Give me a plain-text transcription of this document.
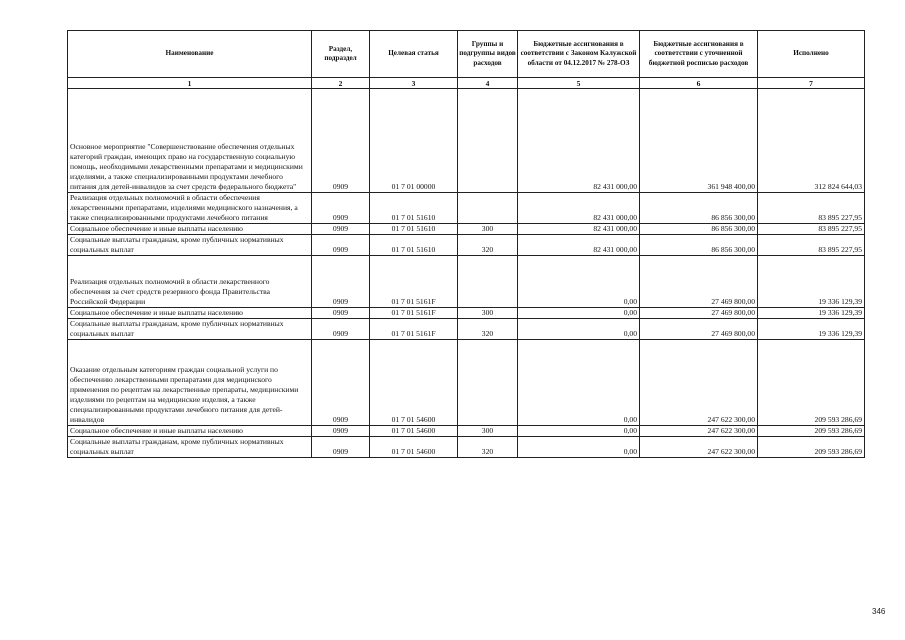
Наименование	Раздел, подраздел	Целевая статья	Группы и подгруппы видов расходов	Бюджетные ассигнования в соответствии с Законом Калужской области от 04.12.2017 № 278-ОЗ	Бюджетные ассигнования в соответствии с уточненной бюджетной росписью расходов	Исполнено
1	2	3	4	5	6	7
Основное мероприятие "Совершенствование обеспечения отдельных категорий граждан, имеющих право на государственную социальную помощь, необходимыми лекарственными препаратами и медицинскими изделиями, а также специализированными продуктами лечебного питания для детей-инвалидов за счет средств федерального бюджета"	0909	01 7 01 00000		82 431 000,00	361 948 400,00	312 824 644,03
Реализация отдельных полномочий в области обеспечения лекарственными препаратами, изделиями медицинского назначения, а также специализированными продуктами лечебного питания	0909	01 7 01 51610		82 431 000,00	86 856 300,00	83 895 227,95
Социальное обеспечение и иные выплаты населению	0909	01 7 01 51610	300	82 431 000,00	86 856 300,00	83 895 227,95
Социальные выплаты гражданам, кроме публичных нормативных социальных выплат	0909	01 7 01 51610	320	82 431 000,00	86 856 300,00	83 895 227,95
Реализация отдельных полномочий в области лекарственного обеспечения за счет средств резервного фонда Правительства Российской Федерации	0909	01 7 01 5161F		0,00	27 469 800,00	19 336 129,39
Социальное обеспечение и иные выплаты населению	0909	01 7 01 5161F	300	0,00	27 469 800,00	19 336 129,39
Социальные выплаты гражданам, кроме публичных нормативных социальных выплат	0909	01 7 01 5161F	320	0,00	27 469 800,00	19 336 129,39
Оказание отдельным категориям граждан социальной услуги по обеспечению лекарственными препаратами для медицинского применения по рецептам на лекарственные препараты, медицинскими изделиями по рецептам на медицинские изделия, а также специализированными продуктами лечебного питания для детей-инвалидов	0909	01 7 01 54600		0,00	247 622 300,00	209 593 286,69
Социальное обеспечение и иные выплаты населению	0909	01 7 01 54600	300	0,00	247 622 300,00	209 593 286,69
Социальные выплаты гражданам, кроме публичных нормативных социальных выплат	0909	01 7 01 54600	320	0,00	247 622 300,00	209 593 286,69
346
